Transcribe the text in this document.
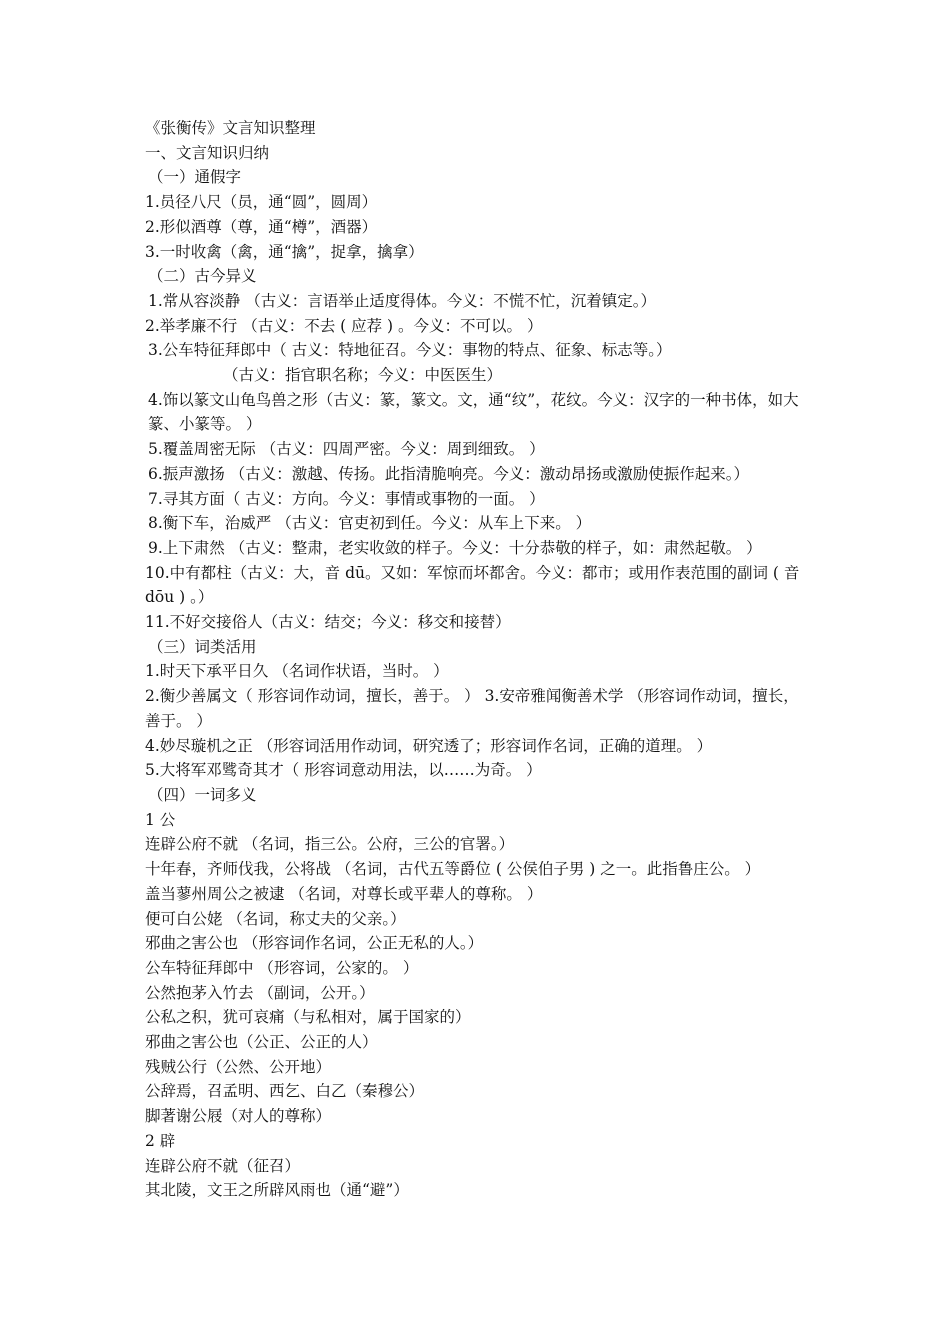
《张衡传》文言知识整理

一、文言知识归纳

（一）通假字

1.员径八尺（员，通“圆”，圆周）

2.形似酒尊（尊，通“樽”，酒器）

3.一时收禽（禽，通“擒”，捉拿，擒拿）

（二）古今异义

1.常从容淡静 （古义：言语举止适度得体。今义：不慌不忙，沉着镇定。）

2.举孝廉不行 （古义：不去 ( 应荐 ) 。今义：不可以。 ）

3.公车特征拜郎中（ 古义：特地征召。今义：事物的特点、征象、标志等。）

（古义：指官职名称；今义：中医医生）

4.饰以篆文山龟鸟兽之形（古义：篆，篆文。文，通“纹”，花纹。今义：汉字的一种书体，如大篆、小篆等。 ）

5.覆盖周密无际 （古义：四周严密。今义：周到细致。 ）

6.振声激扬 （古义：激越、传扬。此指清脆响亮。今义：激动昂扬或激励使振作起来。）

7.寻其方面（ 古义：方向。今义：事情或事物的一面。 ）

8.衡下车，治威严 （古义：官吏初到任。今义：从车上下来。 ）

9.上下肃然 （古义：整肃，老实收敛的样子。今义：十分恭敬的样子，如：肃然起敬。 ）

10.中有都柱（古义：大，音 dū。又如：军惊而坏都舍。今义：都市；或用作表范围的副词 ( 音 dōu ) 。）

11.不好交接俗人（古义：结交；今义：移交和接替）

（三）词类活用

1.时天下承平日久 （名词作状语，当时。 ）

2.衡少善属文（ 形容词作动词，擅长，善于。 ） 3.安帝雅闻衡善术学 （形容词作动词，擅长，善于。 ）

4.妙尽璇机之正 （形容词活用作动词，研究透了；形容词作名词，正确的道理。 ）

5.大将军邓骘奇其才（ 形容词意动用法，以……为奇。 ）

（四）一词多义

1 公

连辟公府不就 （名词，指三公。公府，三公的官署。）

十年春，齐师伐我，公将战 （名词，古代五等爵位 ( 公侯伯子男 ) 之一。此指鲁庄公。 ）

盖当蓼州周公之被逮 （名词，对尊长或平辈人的尊称。 ）

便可白公姥 （名词，称丈夫的父亲。）

邪曲之害公也 （形容词作名词，公正无私的人。）

公车特征拜郎中 （形容词，公家的。 ）

公然抱茅入竹去 （副词，公开。）

公私之积，犹可哀痛（与私相对，属于国家的）

邪曲之害公也（公正、公正的人）

残贼公行（公然、公开地）

公辞焉，召孟明、西乞、白乙（秦穆公）

脚著谢公屐（对人的尊称）

2 辟

连辟公府不就（征召）

其北陵，文王之所辟风雨也（通“避”）
